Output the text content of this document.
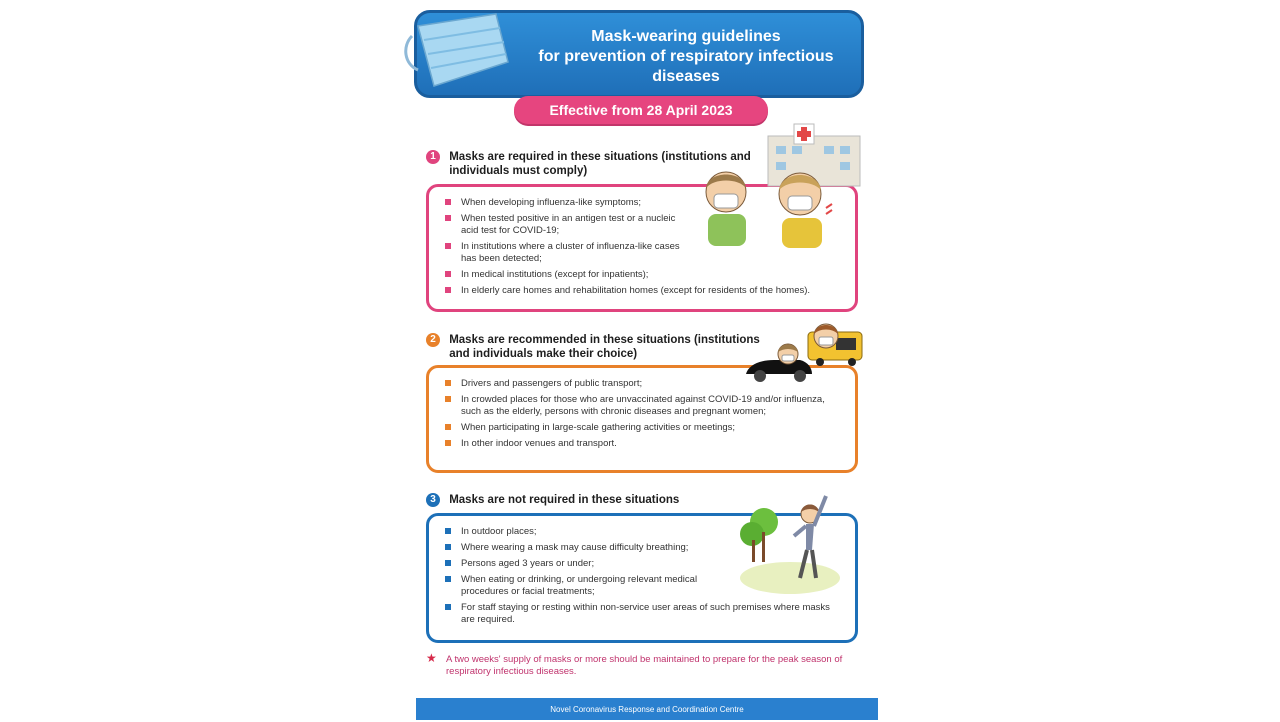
Mask-wearing guidelines
for prevention of respiratory infectious
diseases
Effective from 28 April 2023
1 Masks are required in these situations (institutions and
individuals must comply)
When developing influenza-like symptoms;
When tested positive in an antigen test or a nucleic acid test for COVID-19;
In institutions where a cluster of influenza-like cases has been detected;
In medical institutions (except for inpatients);
In elderly care homes and rehabilitation homes (except for residents of the homes).
2 Masks are recommended in these situations (institutions
and individuals make their choice)
Drivers and passengers of public transport;
In crowded places for those who are unvaccinated against COVID-19 and/or influenza, such as the elderly, persons with chronic diseases and pregnant women;
When participating in large-scale gathering activities or meetings;
In other indoor venues and transport.
3 Masks are not required in these situations
In outdoor places;
Where wearing a mask may cause difficulty breathing;
Persons aged 3 years or under;
When eating or drinking, or undergoing relevant medical procedures or facial treatments;
For staff staying or resting within non-service user areas of such premises where masks are required.
★ A two weeks' supply of masks or more should be maintained to prepare for the peak season of respiratory infectious diseases.
Novel Coronavirus Response and Coordination Centre
